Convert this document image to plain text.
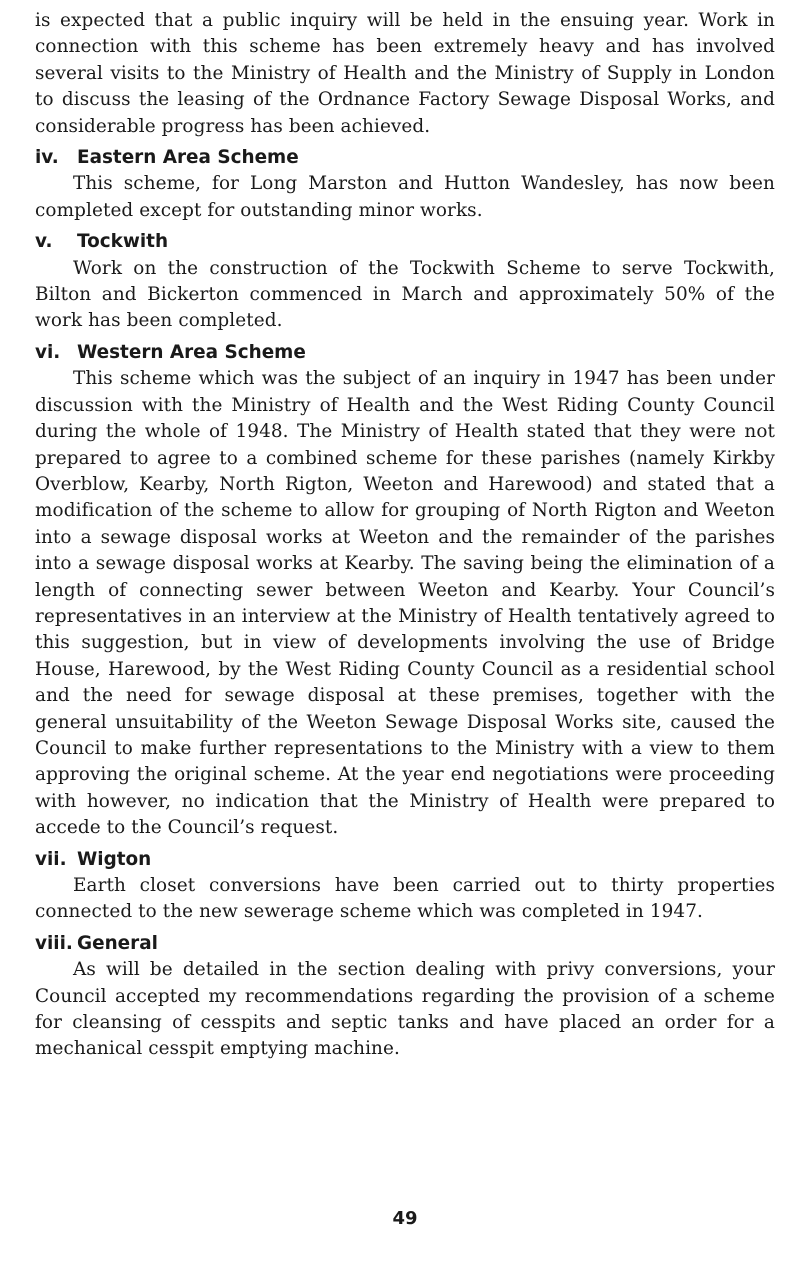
is expected that a public inquiry will be held in the ensuing year. Work in connection with this scheme has been extremely heavy and has involved several visits to the Ministry of Health and the Ministry of Supply in London to discuss the leasing of the Ordnance Factory Sewage Disposal Works, and considerable progress has been achieved.

iv. Eastern Area Scheme

This scheme, for Long Marston and Hutton Wandesley, has now been completed except for outstanding minor works.

v. Tockwith

Work on the construction of the Tockwith Scheme to serve Tockwith, Bilton and Bickerton commenced in March and approximately 50% of the work has been completed.

vi. Western Area Scheme

This scheme which was the subject of an inquiry in 1947 has been under discussion with the Ministry of Health and the West Riding County Council during the whole of 1948. The Ministry of Health stated that they were not prepared to agree to a combined scheme for these parishes (namely Kirkby Overblow, Kearby, North Rigton, Weeton and Harewood) and stated that a modification of the scheme to allow for grouping of North Rigton and Weeton into a sewage disposal works at Weeton and the remainder of the parishes into a sewage disposal works at Kearby. The saving being the elimination of a length of connecting sewer between Weeton and Kearby. Your Council’s representatives in an interview at the Ministry of Health tentatively agreed to this suggestion, but in view of developments involving the use of Bridge House, Harewood, by the West Riding County Council as a residential school and the need for sewage disposal at these premises, together with the general unsuitability of the Weeton Sewage Disposal Works site, caused the Council to make further representations to the Ministry with a view to them approving the original scheme. At the year end negotiations were proceeding with however, no indication that the Ministry of Health were prepared to accede to the Council’s request.

vii. Wigton

Earth closet conversions have been carried out to thirty properties connected to the new sewerage scheme which was completed in 1947.

viii. General

As will be detailed in the section dealing with privy conversions, your Council accepted my recommendations regarding the provision of a scheme for cleansing of cesspits and septic tanks and have placed an order for a mechanical cesspit emptying machine.

49
